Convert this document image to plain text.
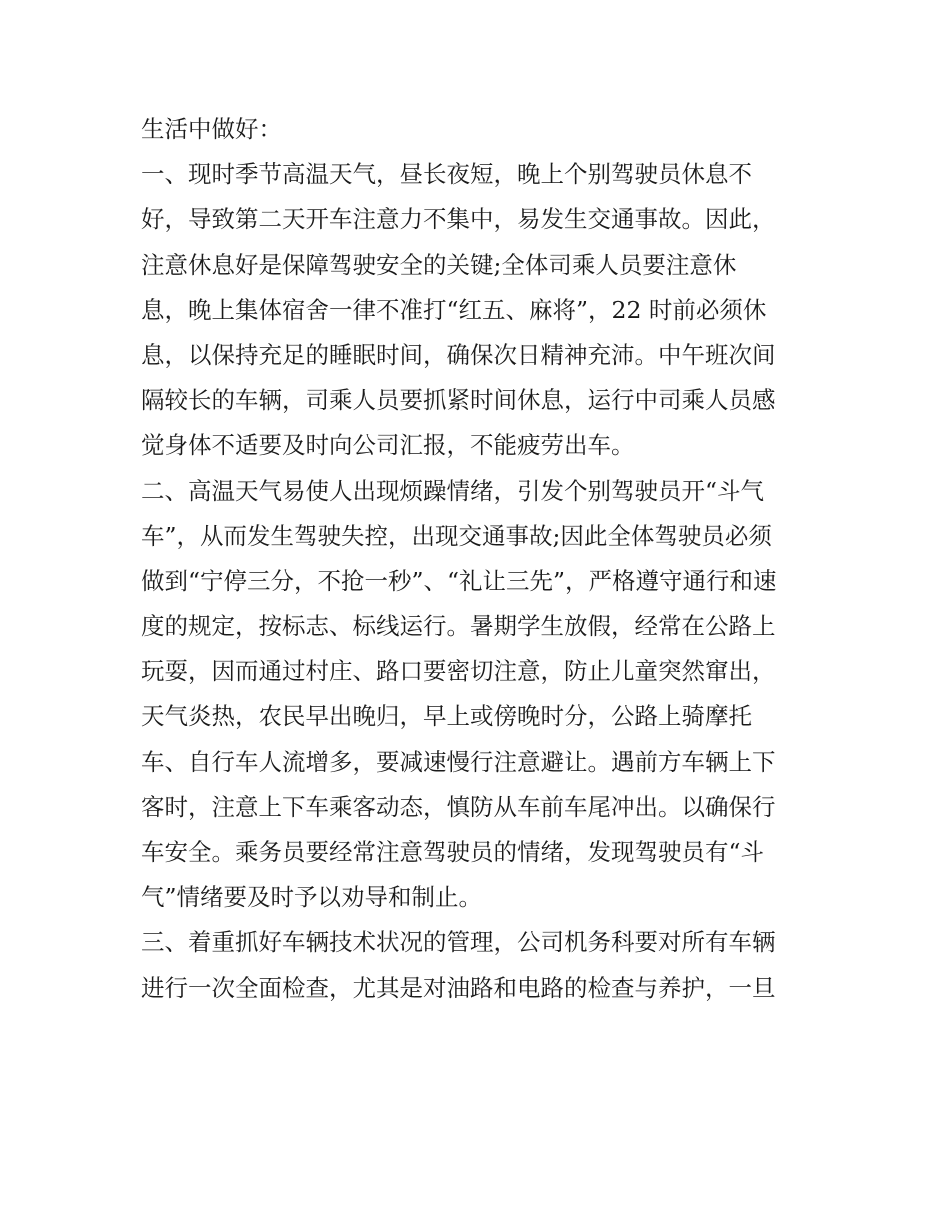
生活中做好：
一、现时季节高温天气，昼长夜短，晚上个别驾驶员休息不
好，导致第二天开车注意力不集中，易发生交通事故。因此，
注意休息好是保障驾驶安全的关键;全体司乘人员要注意休
息，晚上集体宿舍一律不准打“红五、麻将”，22 时前必须休
息，以保持充足的睡眠时间，确保次日精神充沛。中午班次间
隔较长的车辆，司乘人员要抓紧时间休息，运行中司乘人员感
觉身体不适要及时向公司汇报，不能疲劳出车。
二、高温天气易使人出现烦躁情绪，引发个别驾驶员开“斗气
车”，从而发生驾驶失控，出现交通事故;因此全体驾驶员必须
做到“宁停三分，不抢一秒”、“礼让三先”，严格遵守通行和速
度的规定，按标志、标线运行。暑期学生放假，经常在公路上
玩耍，因而通过村庄、路口要密切注意，防止儿童突然窜出，
天气炎热，农民早出晚归，早上或傍晚时分，公路上骑摩托
车、自行车人流增多，要减速慢行注意避让。遇前方车辆上下
客时，注意上下车乘客动态，慎防从车前车尾冲出。以确保行
车安全。乘务员要经常注意驾驶员的情绪，发现驾驶员有“斗
气”情绪要及时予以劝导和制止。
三、着重抓好车辆技术状况的管理，公司机务科要对所有车辆
进行一次全面检查，尤其是对油路和电路的检查与养护，一旦
